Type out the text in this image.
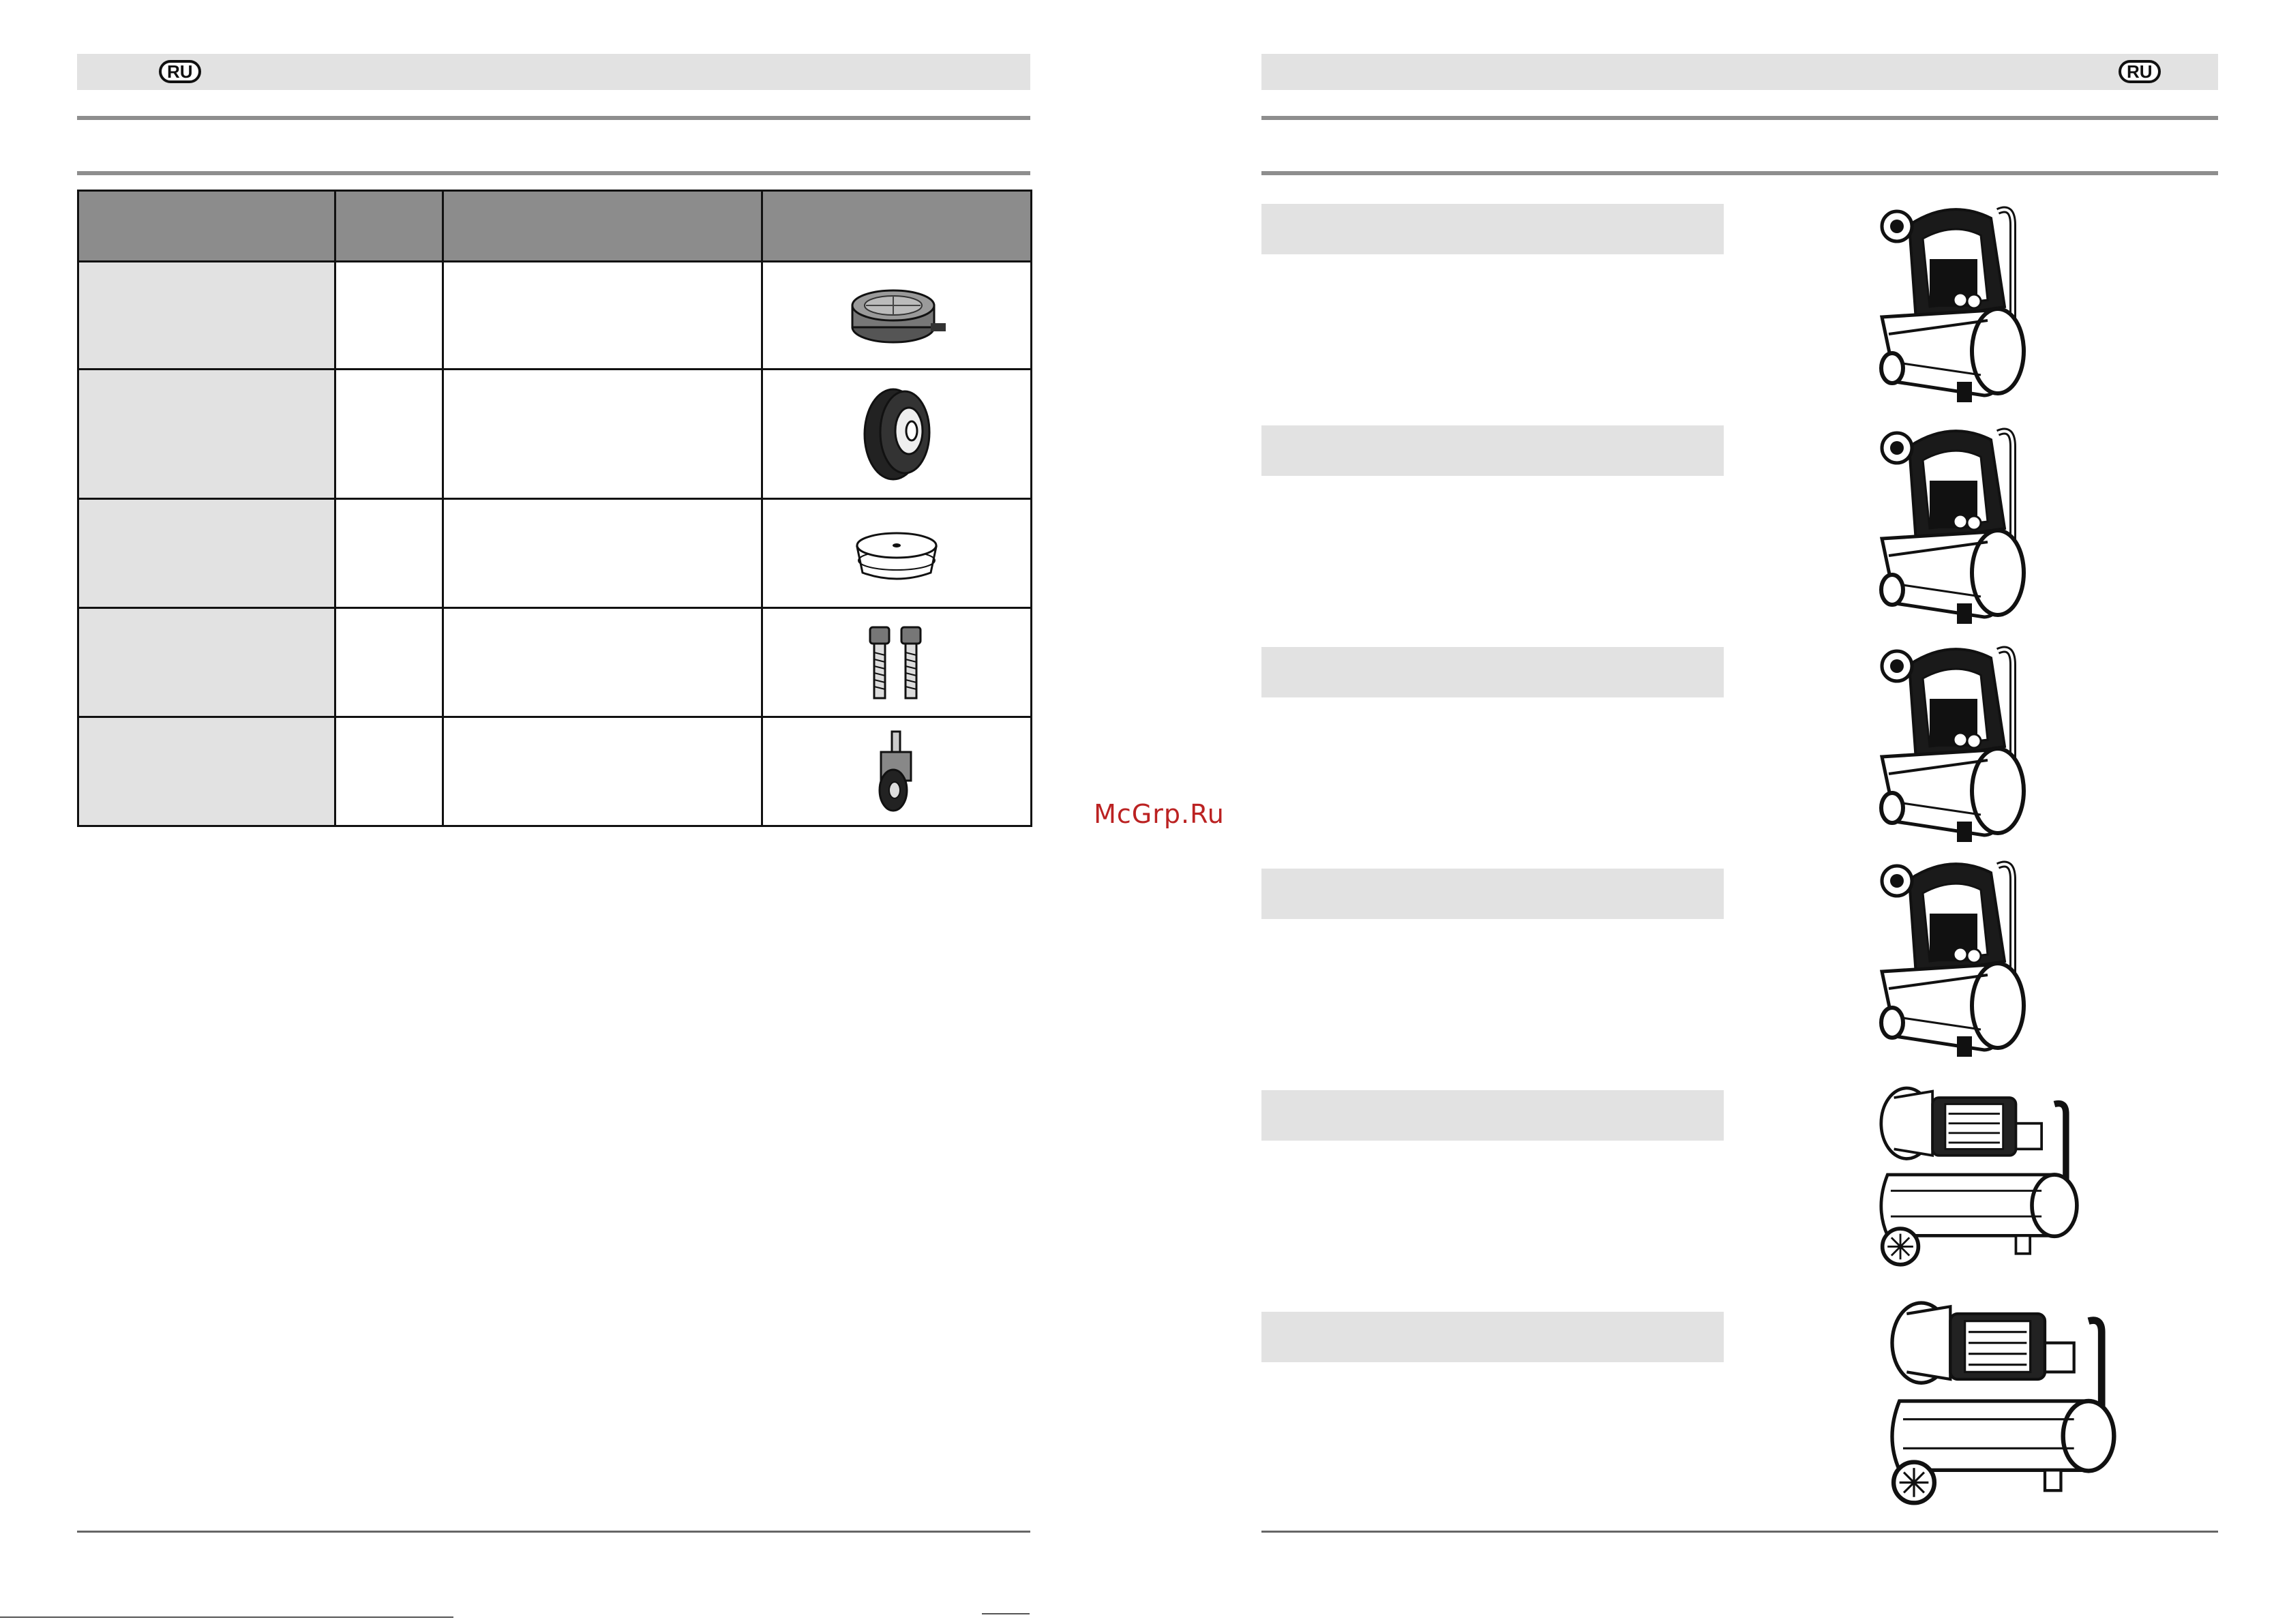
RU

McGrp.Ru
RU
